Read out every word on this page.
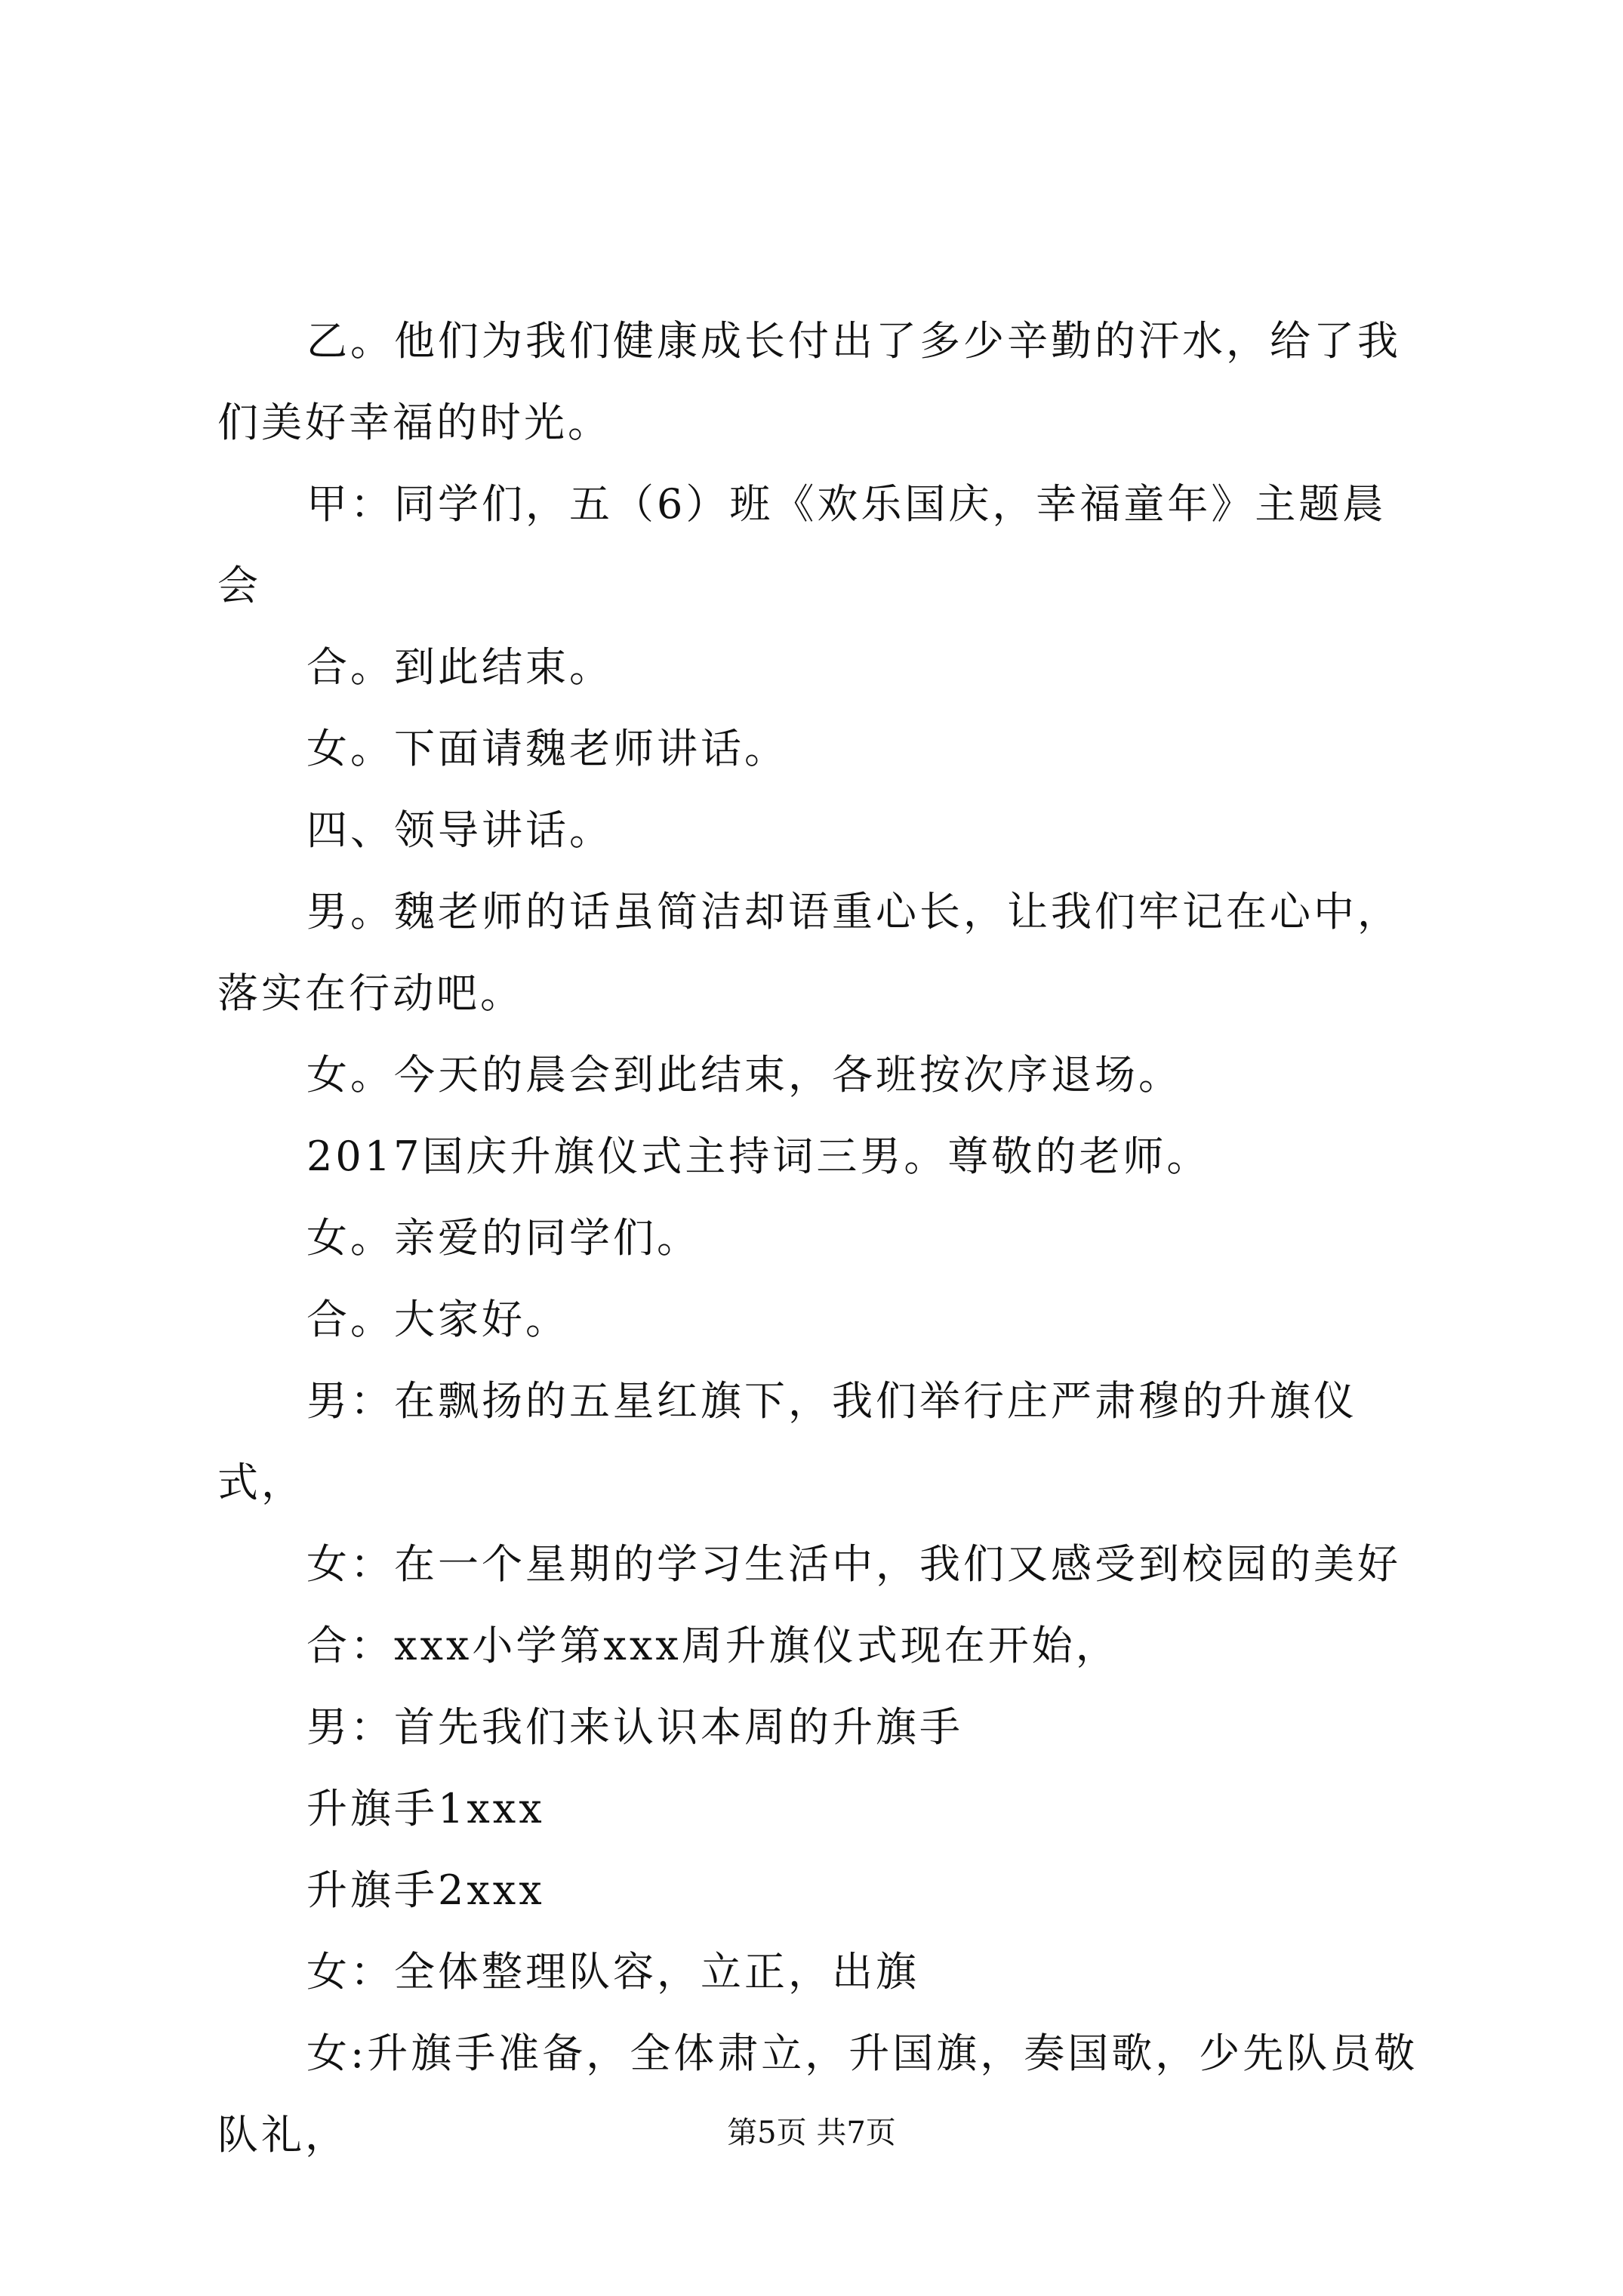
乙。他们为我们健康成长付出了多少辛勤的汗水，给了我们美好幸福的时光。

甲：同学们，五（6）班《欢乐国庆，幸福童年》主题晨会

合。到此结束。

女。下面请魏老师讲话。

四、领导讲话。

男。魏老师的话虽简洁却语重心长，让我们牢记在心中，落实在行动吧。

女。今天的晨会到此结束，各班按次序退场。

2017国庆升旗仪式主持词三男。尊敬的老师。

女。亲爱的同学们。

合。大家好。

男：在飘扬的五星红旗下，我们举行庄严肃穆的升旗仪式，

女：在一个星期的学习生活中，我们又感受到校园的美好

合：xxx小学第xxx周升旗仪式现在开始，

男：首先我们来认识本周的升旗手

升旗手1xxx

升旗手2xxx

女：全体整理队容，立正，出旗

女:升旗手准备，全体肃立，升国旗，奏国歌，少先队员敬队礼，	第5页 共7页
